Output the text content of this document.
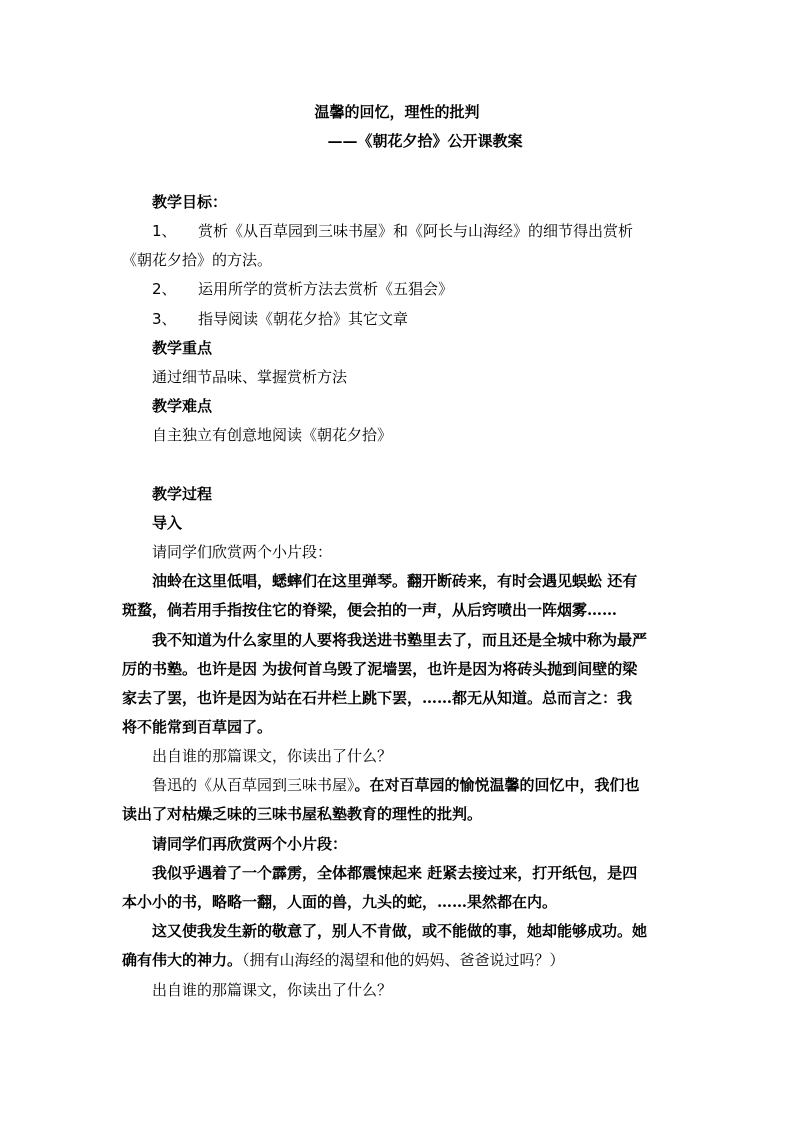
温馨的回忆，理性的批判
——《朝花夕拾》公开课教案
教学目标：
1、 赏析《从百草园到三味书屋》和《阿长与山海经》的细节得出赏析
《朝花夕拾》的方法。
2、 运用所学的赏析方法去赏析《五猖会》
3、 指导阅读《朝花夕拾》其它文章
教学重点
通过细节品味、掌握赏析方法
教学难点
自主独立有创意地阅读《朝花夕拾》
教学过程
导入
请同学们欣赏两个小片段：
油蛉在这里低唱，蟋蟀们在这里弹琴。翻开断砖来，有时会遇见蜈蚣 还有
斑蝥，倘若用手指按住它的脊梁，便会拍的一声，从后窍喷出一阵烟雾……
我不知道为什么家里的人要将我送进书塾里去了，而且还是全城中称为最严
厉的书塾。也许是因 为拔何首乌毁了泥墙罢，也许是因为将砖头抛到间壁的梁
家去了罢，也许是因为站在石井栏上跳下罢，……都无从知道。总而言之：我
将不能常到百草园了。
出自谁的那篇课文，你读出了什么？
鲁迅的《从百草园到三味书屋》。在对百草园的愉悦温馨的回忆中，我们也
读出了对枯燥乏味的三味书屋私塾教育的理性的批判。
请同学们再欣赏两个小片段：
我似乎遇着了一个霹雳，全体都震悚起来 赶紧去接过来，打开纸包，是四
本小小的书，略略一翻，人面的兽，九头的蛇，……果然都在内。
这又使我发生新的敬意了，别人不肯做，或不能做的事，她却能够成功。她
确有伟大的神力。（拥有山海经的渴望和他的妈妈、爸爸说过吗？）
出自谁的那篇课文，你读出了什么？
